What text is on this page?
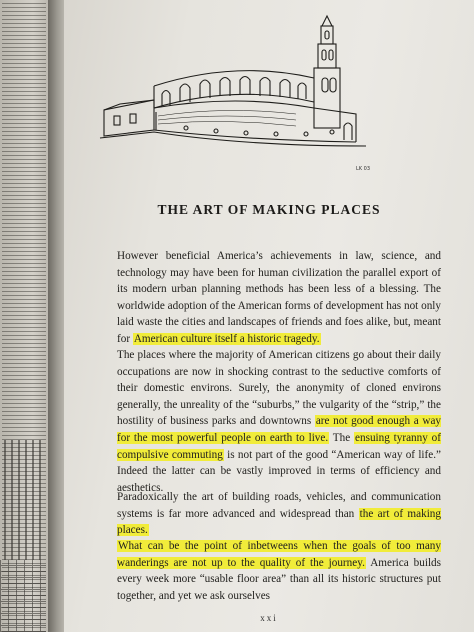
LK 03
THE ART OF MAKING PLACES

However beneficial America’s achievements in law, science, and technology may have been for human civilization the parallel export of its modern urban planning methods has been less of a blessing. The worldwide adoption of the American forms of development has not only laid waste the cities and landscapes of friends and foes alike, but, meant for American culture itself a historic tragedy.

The places where the majority of American citizens go about their daily occupations are now in shocking contrast to the seductive comforts of their domestic environs. Surely, the anonymity of cloned environs generally, the unreality of the “suburbs,” the vulgarity of the “strip,” the hostility of business parks and downtowns are not good enough a way for the most powerful people on earth to live. The ensuing tyranny of compulsive commuting is not part of the good “American way of life.” Indeed the latter can be vastly improved in terms of efficiency and aesthetics.

Paradoxically the art of building roads, vehicles, and communication systems is far more advanced and widespread than the art of making places.

What can be the point of inbetweens when the goals of too many wanderings are not up to the quality of the journey. America builds every week more “usable floor area” than all its historic structures put together, and yet we ask ourselves

xxi
